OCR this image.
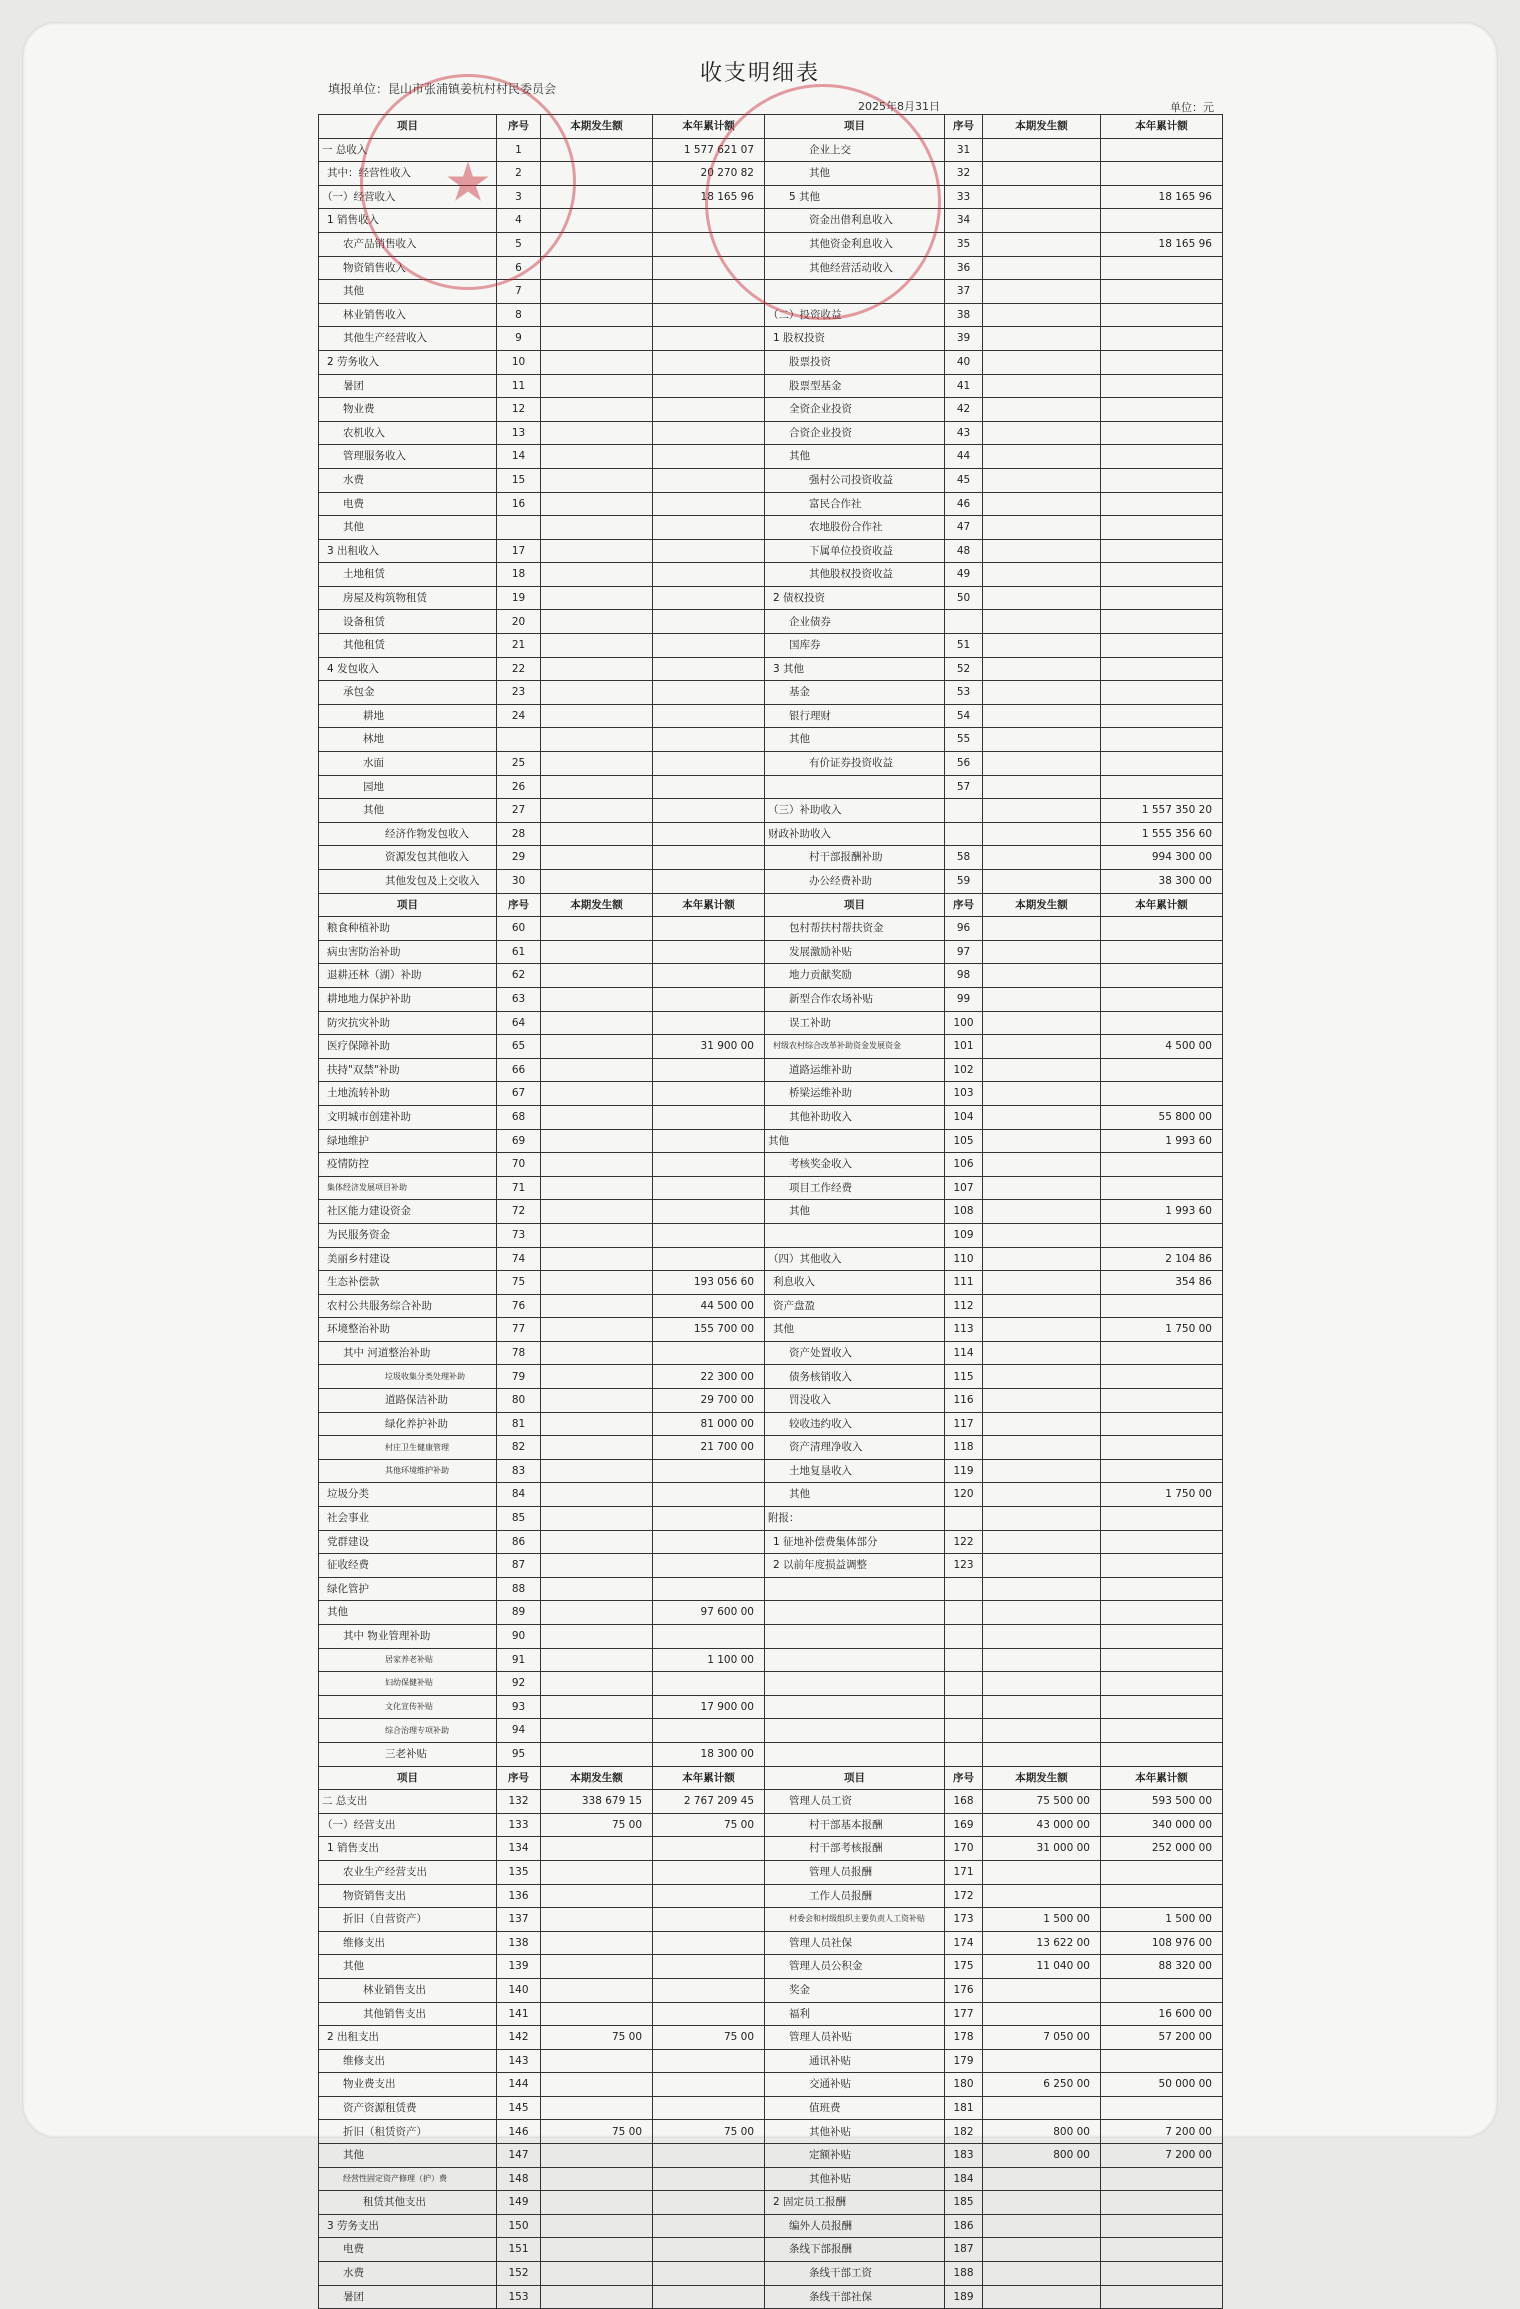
收支明细表
填报单位：昆山市张浦镇姜杭村村民委员会
2025年8月31日	单位：元
项目	序号	本期发生额	本年累计额	项目	序号	本期发生额	本年累计额
一 总收入	1		1 577 621 07	企业上交	31		
其中：经营性收入	2		20 270 82	其他	32		
（一）经营收入	3		18 165 96	5 其他	33		18 165 96
1 销售收入	4			资金出借利息收入	34		
农产品销售收入	5			其他资金利息收入	35		18 165 96
物资销售收入	6			其他经营活动收入	36		
其他	7				37		
林业销售收入	8			（二）投资收益	38		
其他生产经营收入	9			1 股权投资	39		
2 劳务收入	10			股票投资	40		
暑团	11			股票型基金	41		
物业费	12			全资企业投资	42		
农机收入	13			合资企业投资	43		
管理服务收入	14			其他	44		
水费	15			强村公司投资收益	45		
电费	16			富民合作社	46		
其他				农地股份合作社	47		
3 出租收入	17			下属单位投资收益	48		
土地租赁	18			其他股权投资收益	49		
房屋及构筑物租赁	19			2 债权投资	50		
设备租赁	20			企业债券			
其他租赁	21			国库券	51		
4 发包收入	22			3 其他	52		
承包金	23			基金	53		
耕地	24			银行理财	54		
林地				其他	55		
水面	25			有价证券投资收益	56		
园地	26				57		
其他	27			（三）补助收入			1 557 350 20
经济作物发包收入	28			财政补助收入			1 555 356 60
资源发包其他收入	29			村干部报酬补助	58		994 300 00
其他发包及上交收入	30			办公经费补助	59		38 300 00
项目	序号	本期发生额	本年累计额	项目	序号	本期发生额	本年累计额
粮食种植补助	60			包村帮扶村帮扶资金	96		
病虫害防治补助	61			发展激励补贴	97		
退耕还林（湖）补助	62			地力贡献奖励	98		
耕地地力保护补助	63			新型合作农场补贴	99		
防灾抗灾补助	64			误工补助	100		
医疗保障补助	65		31 900 00	村级农村综合改革补助资金发展资金	101		4 500 00
扶持"双禁"补助	66			道路运维补助	102		
土地流转补助	67			桥梁运维补助	103		
文明城市创建补助	68			其他补助收入	104		55 800 00
绿地维护	69			其他	105		1 993 60
疫情防控	70			考核奖金收入	106		
集体经济发展项目补助	71			项目工作经费	107		
社区能力建设资金	72			其他	108		1 993 60
为民服务资金	73				109		
美丽乡村建设	74			（四）其他收入	110		2 104 86
生态补偿款	75		193 056 60	利息收入	111		354 86
农村公共服务综合补助	76		44 500 00	资产盘盈	112		
环境整治补助	77		155 700 00	其他	113		1 750 00
其中 河道整治补助	78			资产处置收入	114		
垃圾收集分类处理补助	79		22 300 00	债务核销收入	115		
道路保洁补助	80		29 700 00	罚没收入	116		
绿化养护补助	81		81 000 00	较收违约收入	117		
村庄卫生健康管理	82		21 700 00	资产清理净收入	118		
其他环境维护补助	83			土地复垦收入	119		
垃圾分类	84			其他	120		1 750 00
社会事业	85			附报：			
党群建设	86			1 征地补偿费集体部分	122		
征收经费	87			2 以前年度损益调整	123		
绿化管护	88						
其他	89		97 600 00				
其中 物业管理补助	90						
居家养老补贴	91		1 100 00				
妇幼保健补贴	92						
文化宣传补贴	93		17 900 00				
综合治理专项补助	94						
三老补贴	95		18 300 00				
项目	序号	本期发生额	本年累计额	项目	序号	本期发生额	本年累计额
二 总支出	132	338 679 15	2 767 209 45	管理人员工资	168	75 500 00	593 500 00
（一）经营支出	133	75 00	75 00	村干部基本报酬	169	43 000 00	340 000 00
1 销售支出	134			村干部考核报酬	170	31 000 00	252 000 00
农业生产经营支出	135			管理人员报酬	171		
物资销售支出	136			工作人员报酬	172		
折旧（自营资产）	137			村委会和村级组织主要负责人工资补贴	173	1 500 00	1 500 00
维修支出	138			管理人员社保	174	13 622 00	108 976 00
其他	139			管理人员公积金	175	11 040 00	88 320 00
林业销售支出	140			奖金	176		
其他销售支出	141			福利	177		16 600 00
2 出租支出	142	75 00	75 00	管理人员补贴	178	7 050 00	57 200 00
维修支出	143			通讯补贴	179		
物业费支出	144			交通补贴	180	6 250 00	50 000 00
资产资源租赁费	145			值班费	181		
折旧（租赁资产）	146	75 00	75 00	其他补贴	182	800 00	7 200 00
其他	147			定额补贴	183	800 00	7 200 00
经营性固定资产修理（护）费	148			其他补贴	184		
租赁其他支出	149			2 固定员工报酬	185		
3 劳务支出	150			编外人员报酬	186		
电费	151			条线下部报酬	187		
水费	152			条线干部工资	188		
暑团	153			条线干部社保	189		
★
